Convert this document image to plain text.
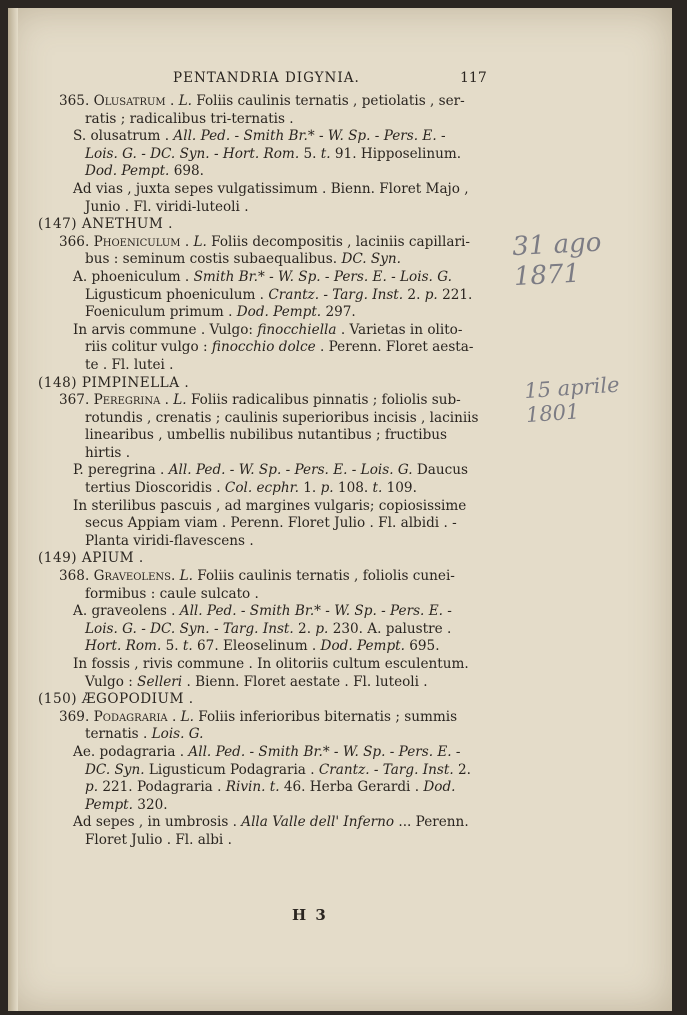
PENTANDRIA DIGYNIA.	117
365. Olusatrum . L. Foliis caulinis ternatis , petiolatis , ser-
ratis ; radicalibus tri-ternatis .
S. olusatrum . All. Ped. - Smith Br.* - W. Sp. - Pers. E. -
Lois. G. - DC. Syn. - Hort. Rom. 5. t. 91. Hipposelinum.
Dod. Pempt. 698.
Ad vias , juxta sepes vulgatissimum . Bienn. Floret Majo ,
Junio . Fl. viridi-luteoli .
(147) ANETHUM .
366. Phoeniculum . L. Foliis decompositis , laciniis capillari-
bus : seminum costis subaequalibus. DC. Syn.
A. phoeniculum . Smith Br.* - W. Sp. - Pers. E. - Lois. G.
Ligusticum phoeniculum . Crantz. - Targ. Inst. 2. p. 221.
Foeniculum primum . Dod. Pempt. 297.
In arvis commune . Vulgo: finocchiella . Varietas in olito-
riis colitur vulgo : finocchio dolce . Perenn. Floret aesta-
te . Fl. lutei .
(148) PIMPINELLA .
367. Peregrina . L. Foliis radicalibus pinnatis ; foliolis sub-
rotundis , crenatis ; caulinis superioribus incisis , laciniis
linearibus , umbellis nubilibus nutantibus ; fructibus
hirtis .
P. peregrina . All. Ped. - W. Sp. - Pers. E. - Lois. G. Daucus
tertius Dioscoridis . Col. ecphr. 1. p. 108. t. 109.
In sterilibus pascuis , ad margines vulgaris; copiosissime
secus Appiam viam . Perenn. Floret Julio . Fl. albidi . -
Planta viridi-flavescens .
(149) APIUM .
368. Graveolens. L. Foliis caulinis ternatis , foliolis cunei-
formibus : caule sulcato .
A. graveolens . All. Ped. - Smith Br.* - W. Sp. - Pers. E. -
Lois. G. - DC. Syn. - Targ. Inst. 2. p. 230. A. palustre .
Hort. Rom. 5. t. 67. Eleoselinum . Dod. Pempt. 695.
In fossis , rivis commune . In olitoriis cultum esculentum.
Vulgo : Selleri . Bienn. Floret aestate . Fl. luteoli .
(150) ÆGOPODIUM .
369. Podagraria . L. Foliis inferioribus biternatis ; summis
ternatis . Lois. G.
Ae. podagraria . All. Ped. - Smith Br.* - W. Sp. - Pers. E. -
DC. Syn. Ligusticum Podagraria . Crantz. - Targ. Inst. 2.
p. 221. Podagraria . Rivin. t. 46. Herba Gerardi . Dod.
Pempt. 320.
Ad sepes , in umbrosis . Alla Valle dell' Inferno ... Perenn.
Floret Julio . Fl. albi .
31 ago 1871
15 aprile 1801
H 3
